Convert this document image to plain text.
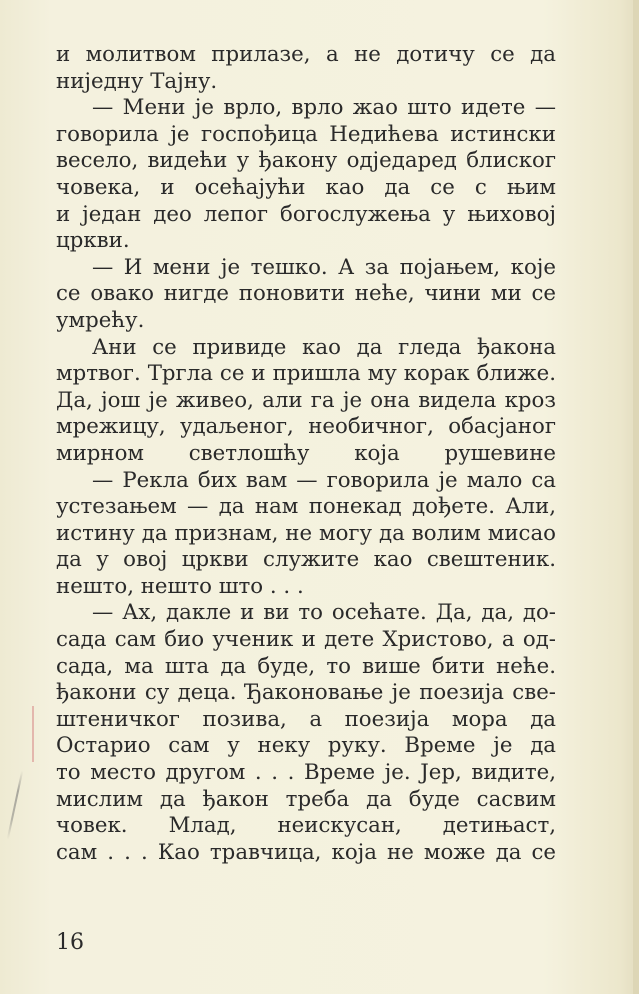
и молитвом прилазе, а не дотичу се да
ниједну Тајну.
— Мени је врло, врло жао што идете —
говорила је госпођица Недићева истински
весело, видећи у ђакону одједаред блиског
човека, и осећајући као да се с њим
и један део лепог богослужења у њиховој
цркви.
— И мени је тешко. А за појањем, које
се овако нигде поновити неће, чини ми се
умрећу.
Ани се привиде као да гледа ђакона
мртвог. Тргла се и пришла му корак ближе.
Да, још је живео, али га је она видела кроз
мрежицу, удаљеног, необичног, обасјаног
мирном светлошћу која рушевине
— Рекла бих вам — говорила је мало са
устезањем — да нам понекад дођете. Али,
истину да признам, не могу да волим мисао
да у овој цркви служите као свештеник.
нешто, нешто што . . .
— Ах, дакле и ви то осећате. Да, да, до-
сада сам био ученик и дете Христово, а од-
сада, ма шта да буде, то више бити неће.
ђакони су деца. Ђаконовање је поезија све-
штеничког позива, а поезија мора да
Остарио сам у неку руку. Време је да
то место другом . . . Време је. Јер, видите,
мислим да ђакон треба да буде сасвим
човек. Млад, неискусан, детињаст,
сам . . . Као травчица, која не може да се
16
